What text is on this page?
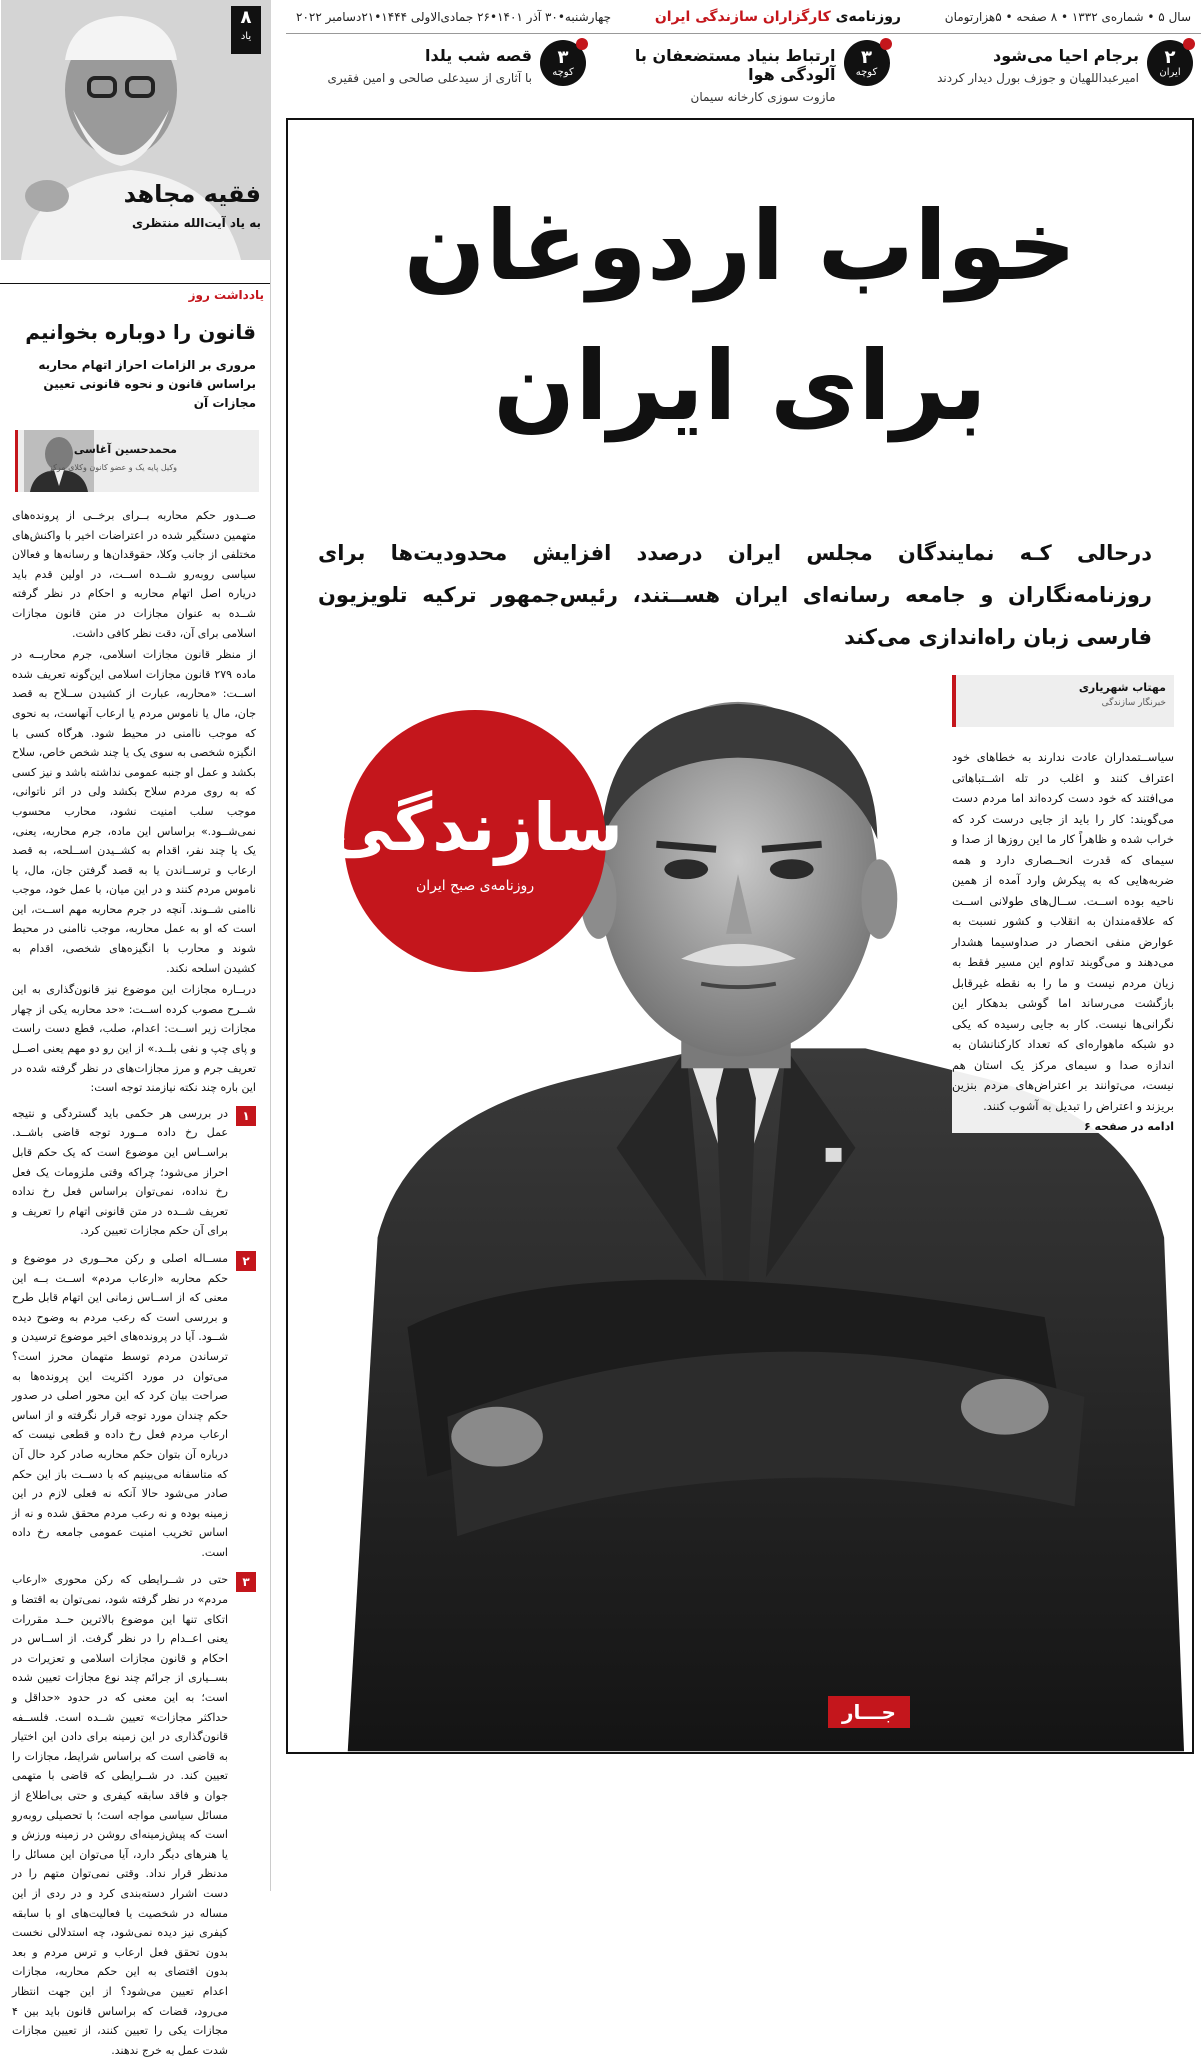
سال ۵ • شماره‌ی ۱۳۳۲ • ۸ صفحه • ۵هزارتومان
روزنامه‌ی کارگزاران سازندگی ایران
چهارشنبه•۳۰ آذر ۱۴۰۱•۲۶ جمادی‌الاولی ۱۴۴۴•۲۱دسامبر ۲۰۲۲
۲
ایران
برجام احیا می‌شود
امیرعبداللهیان و جوزف بورل دیدار کردند
۳
کوچه
ارتباط بنیاد مستضعفان با آلودگی هوا
مازوت سوزی کارخانه سیمان
۳
کوچه
قصه شب یلدا
با آثاری از سیدعلی صالحی و امین فقیری
خواب اردوغان
برای ایران
درحالی کـه نمایندگان مجلس ایران درصدد افزایش محدودیت‌ها برای روزنامه‌نگاران و جامعه رسانه‌ای ایران هســتند، رئیس‌جمهور ترکیه تلویزیون فارسی زبان راه‌اندازی می‌کند
سازندگی
روزنامه‌ی صبح ایران
مهتاب شهریاری
خبرنگار سازندگی
سیاســتمداران عادت ندارند به خطاهای خود اعتراف کنند و اغلب در تله اشــتباهاتی می‌افتند که خود دست کرده‌اند اما مردم دست می‌گویند: کار را باید از جایی درست کرد که خراب شده و ظاهراً کار ما این روزها از صدا و سیمای که قدرت انحــصاری دارد و همه ضربه‌هایی که به پیکرش وارد آمده از همین ناحیه بوده اســت. ســال‌های طولانی اســت که علاقه‌مندان به انقلاب و کشور نسبت به عوارض منفی انحصار در صداوسیما هشدار می‌دهند و می‌گویند تداوم این مسیر فقط به زیان مردم نیست و ما را به نقطه غیرقابل بازگشت می‌رساند اما گوشی بدهکار این نگرانی‌ها نیست. کار به جایی رسیده که یکی دو شبکه ماهواره‌ای که تعداد کارکنانشان به اندازه صدا و سیمای مرکز یک استان هم نیست، می‌توانند بر اعتراض‌های مردم بنزین بریزند و اعتراض را تبدیل به آشوب کنند.
ادامه در صفحه ۶
جـــار
۸
یاد
فقیه مجاهد
به یاد آیت‌الله منتظری
یادداشت روز
قانون را دوباره بخوانیم
مروری بر الزامات احراز اتهام محاربه براساس قانون و نحوه قانونی تعیین مجازات آن
محمدحسین آغاسی
وکیل پایه یک و عضو کانون وکلای مرکز

صــدور حکم محاربه بــرای برخــی از پرونده‌های متهمین دستگیر شده در اعتراضات اخیر با واکنش‌های مختلفی از جانب وکلا، حقوقدان‌ها و رسانه‌ها و فعالان سیاسی روبه‌رو شــده اســت، در اولین قدم باید دریاره اصل اتهام محاربه و احکام در نظر گرفته شــده به عنوان مجازات در متن قانون مجازات اسلامی برای آن، دقت نظر کافی داشت.

از منظر قانون مجازات اسلامی، جرم محاربــه در ماده ۲۷۹ قانون مجازات اسلامی این‌گونه تعریف شده اســت: «محاربه، عبارت از کشیدن ســلاح به قصد جان، مال یا ناموس مردم یا ارعاب آنهاست، به نحوی که موجب ناامنی در محیط شود. هرگاه کسی با انگیزه شخصی به سوی یک یا چند شخص خاص، سلاح بکشد و عمل او جنبه عمومی نداشته باشد و نیز کسی که به روی مردم سلاح بکشد ولی در اثر ناتوانی، موجب سلب امنیت نشود، محارب محسوب نمی‌شــود.» براساس این ماده، جرم محاربه، یعنی، یک یا چند نفر، اقدام به کشــیدن اســلحه، به قصد ارعاب و ترســاندن یا به قصد گرفتن جان، مال، یا ناموس مردم کنند و در این میان، با عمل خود، موجب ناامنی شــوند. آنچه در جرم محاربه مهم اســت، این است که او به عمل محاربه، موجب ناامنی در محیط شوند و محارب با انگیزه‌های شخصی، اقدام به کشیدن اسلحه نکند.

دربــاره مجازات این موضوع نیز قانون‌گذاری به این شــرح مصوب کرده اســت: «حد محاربه یکی از چهار مجازات زیر اســت: اعدام، صلب، قطع دست راست و پای چپ و نفی بلــد.» از این رو دو مهم یعنی اصــل تعریف جرم و مرز مجازات‌های در نظر گرفته شده در این باره چند نکته نیازمند توجه است:

۱

در بررسی هر حکمی باید گستردگی و نتیجه عمل رخ داده مــورد توجه قاضی باشــد. براســاس این موضوع است که یک حکم قابل احراز می‌شود؛ چراکه وقتی ملزومات یک فعل رخ نداده، نمی‌توان براساس فعل رخ نداده تعریف شــده در متن قانونی اتهام را تعریف و برای آن حکم مجازات تعیین کرد.

۲

مســاله اصلی و رکن محــوری در موضوع و حکم محاربه «ارعاب مردم» اســت بــه این معنی که از اســاس زمانی این اتهام قابل طرح و بررسی است که رعب مردم به وضوح دیده شــود. آیا در پرونده‌های اخیر موضوع ترسیدن و ترساندن مردم توسط متهمان محرز است؟ می‌توان در مورد اکثریت این پرونده‌ها به صراحت بیان کرد که این محور اصلی در صدور حکم چندان مورد توجه قرار نگرفته و از اساس ارعاب مردم فعل رخ داده و قطعی نیست که درباره آن بتوان حکم محاربه صادر کرد حال آن که متاسفانه می‌بینیم که با دســت باز این حکم صادر می‌شود حالا آنکه نه فعلی لازم در این زمینه بوده و نه رعب مردم محقق شده و نه از اساس تخریب امنیت عمومی جامعه رخ داده است.

۳

حتی در شــرایطی که رکن محوری «ارعاب مردم» در نظر گرفته شود، نمی‌توان به اقتضا و اتکای تنها این موضوع بالاترین حــد مقررات یعنی اعــدام را در نظر گرفت. از اســاس در احکام و قانون مجازات اسلامی و تعزیرات در بســیاری از جرائم چند نوع مجازات تعیین شده است؛ به این معنی که در حدود «حداقل و حداکثر مجازات» تعیین شــده است. فلســفه قانون‌گذاری در این زمینه برای دادن این اختیار به قاضی است که براساس شرایط، مجازات را تعیین کند. در شــرایطی که قاضی با متهمی جوان و فاقد سابقه کیفری و حتی بی‌اطلاع از مسائل سیاسی مواجه است؛ با تحصیلی روبه‌رو است که پیش‌زمینه‌ای روشن در زمینه ورزش و یا هنرهای دیگر دارد، آیا می‌توان این مسائل را مدنظر قرار نداد. وقتی نمی‌توان متهم را در دست اشرار دسته‌بندی کرد و در ردی از این مساله در شخصیت یا فعالیت‌های او با سابقه کیفری نیز دیده نمی‌شود، چه استدلالی نخست بدون تحقق فعل ارعاب و ترس مردم و بعد بدون اقتضای به این حکم محاربه، مجازات اعدام تعیین می‌شود؟ از این جهت انتظار می‌رود، قضات که براساس قانون باید بین ۴ مجازات یکی را تعیین کنند، از تعیین مجازات شدت عمل به خرج ندهند.
